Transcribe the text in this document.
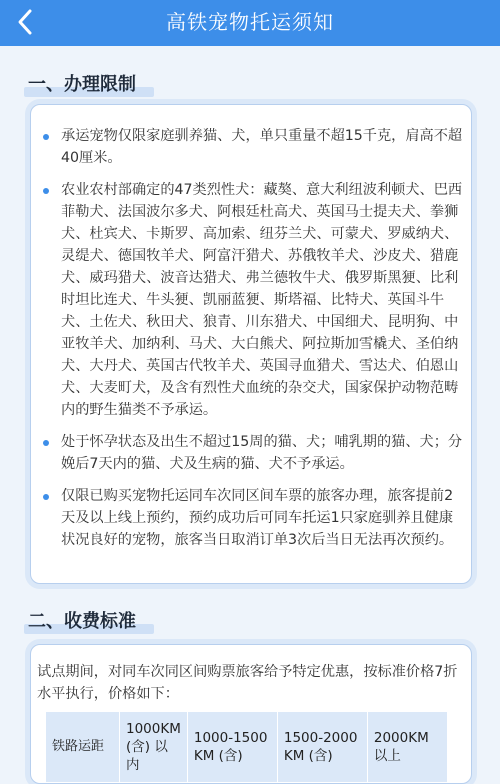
高铁宠物托运须知
一、办理限制

承运宠物仅限家庭驯养猫、犬，单只重量不超15千克，肩高不超40厘米。

农业农村部确定的47类烈性犬：藏獒、意大利纽波利顿犬、巴西菲勒犬、法国波尔多犬、阿根廷杜高犬、英国马士提夫犬、拳狮犬、杜宾犬、卡斯罗、高加索、纽芬兰犬、可蒙犬、罗威纳犬、灵缇犬、德国牧羊犬、阿富汗猎犬、苏俄牧羊犬、沙皮犬、猎鹿犬、威玛猎犬、波音达猎犬、弗兰德牧牛犬、俄罗斯黑㹴、比利时坦比连犬、牛头㹴、凯丽蓝㹴、斯塔福、比特犬、英国斗牛犬、土佐犬、秋田犬、狼青、川东猎犬、中国细犬、昆明狗、中亚牧羊犬、加纳利、马犬、大白熊犬、阿拉斯加雪橇犬、圣伯纳犬、大丹犬、英国古代牧羊犬、英国寻血猎犬、雪达犬、伯恩山犬、大麦町犬，及含有烈性犬血统的杂交犬，国家保护动物范畴内的野生猫类不予承运。

处于怀孕状态及出生不超过15周的猫、犬；哺乳期的猫、犬；分娩后7天内的猫、犬及生病的猫、犬不予承运。

仅限已购买宠物托运同车次同区间车票的旅客办理，旅客提前2天及以上线上预约，预约成功后可同车托运1只家庭驯养且健康状况良好的宠物，旅客当日取消订单3次后当日无法再次预约。

二、收费标准

试点期间，对同车次同区间购票旅客给予特定优惠，按标准价格7折水平执行，价格如下：

铁路运距	1000KM (含) 以内	1000-1500 KM (含)	1500-2000 KM (含)	2000KM 以上
